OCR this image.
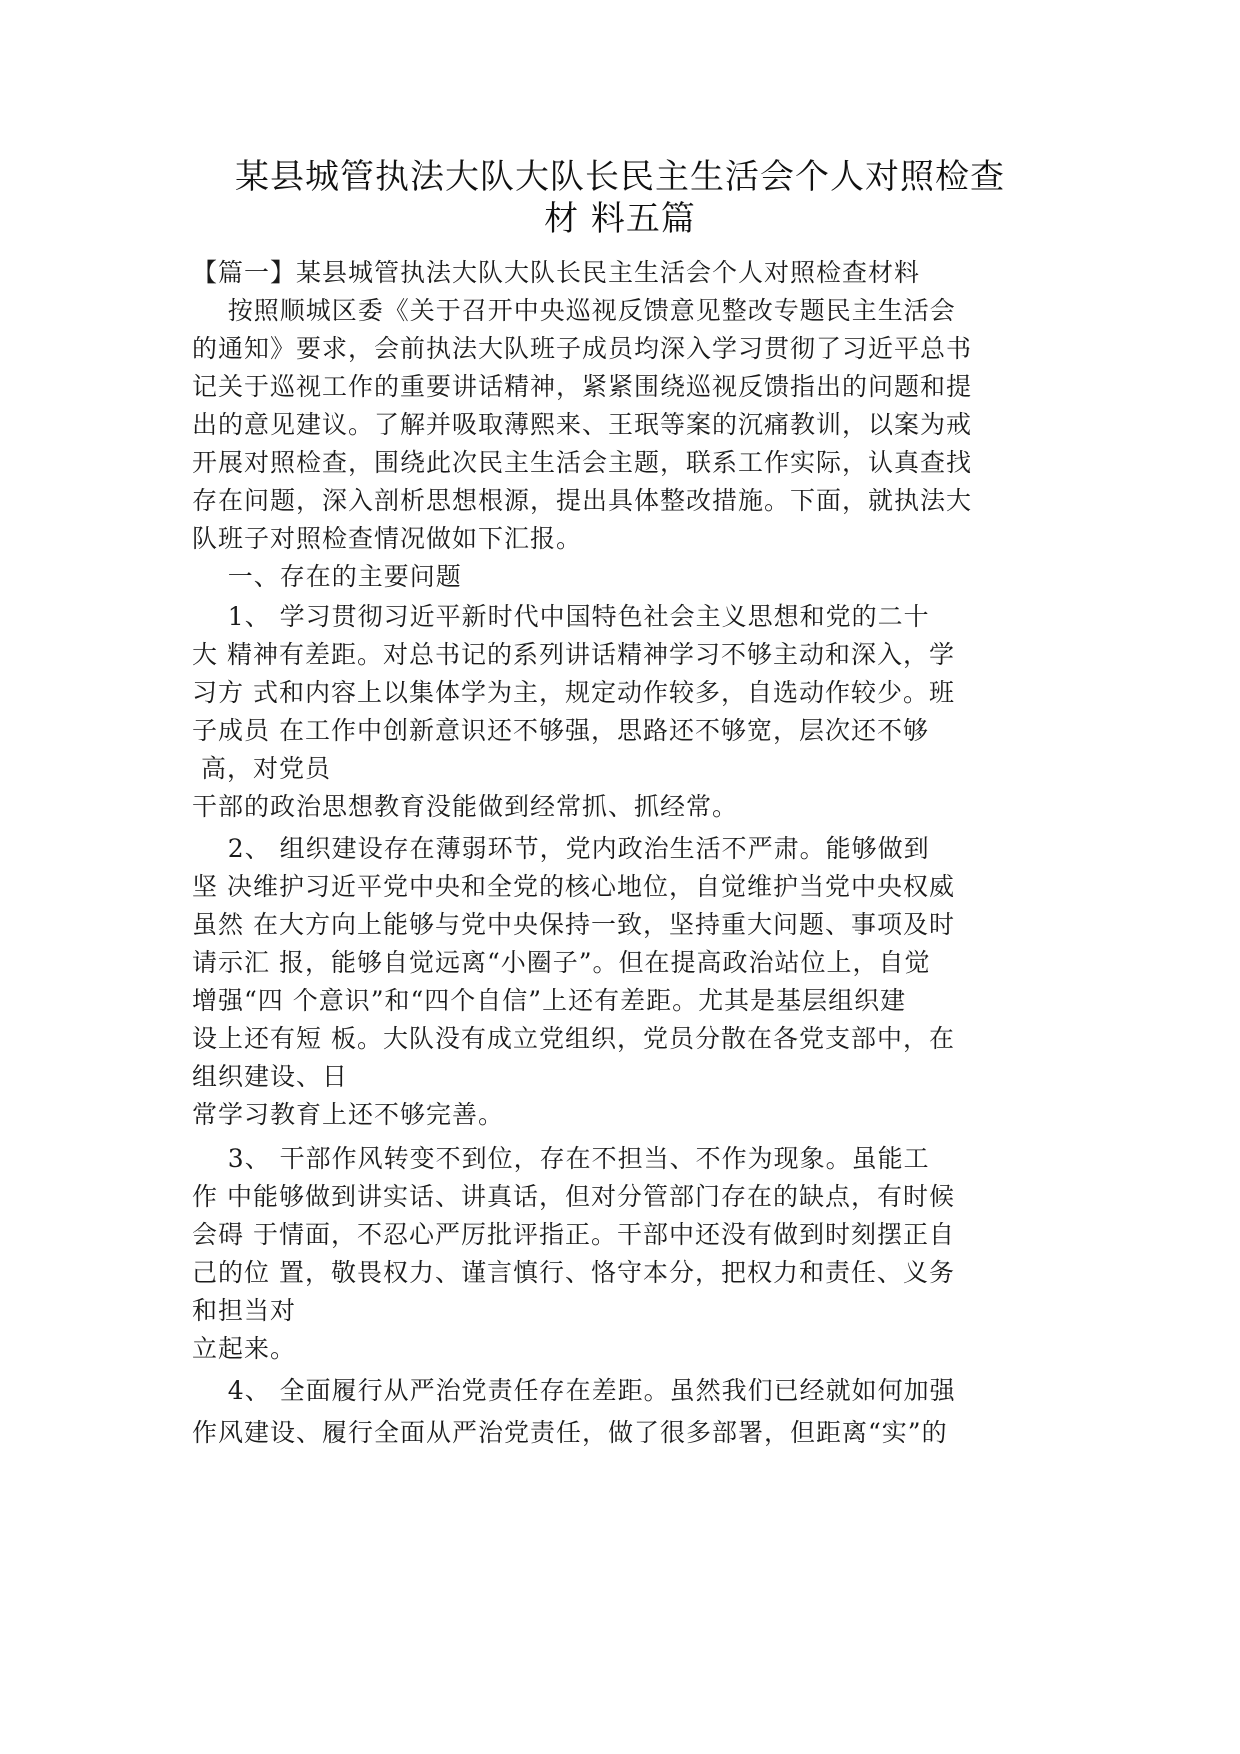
某县城管执法大队大队长民主生活会个人对照检查
材 料五篇
【篇一】某县城管执法大队大队长民主生活会个人对照检查材料
按照顺城区委《关于召开中央巡视反馈意见整改专题民主生活会
的通知》要求，会前执法大队班子成员均深入学习贯彻了习近平总书
记关于巡视工作的重要讲话精神，紧紧围绕巡视反馈指出的问题和提
出的意见建议。了解并吸取薄熙来、王珉等案的沉痛教训，以案为戒
开展对照检查，围绕此次民主生活会主题，联系工作实际，认真查找
存在问题，深入剖析思想根源，提出具体整改措施。下面，就执法大
队班子对照检查情况做如下汇报。
一、存在的主要问题
1、 学习贯彻习近平新时代中国特色社会主义思想和党的二十
大 精神有差距。对总书记的系列讲话精神学习不够主动和深入，学
习方 式和内容上以集体学为主，规定动作较多，自选动作较少。班
子成员 在工作中创新意识还不够强，思路还不够宽，层次还不够
高，对党员
干部的政治思想教育没能做到经常抓、抓经常。
2、 组织建设存在薄弱环节，党内政治生活不严肃。能够做到
坚 决维护习近平党中央和全党的核心地位，自觉维护当党中央权威
虽然 在大方向上能够与党中央保持一致，坚持重大问题、事项及时
请示汇 报，能够自觉远离“小圈子”。但在提高政治站位上，自觉
增强“四 个意识”和“四个自信”上还有差距。尤其是基层组织建
设上还有短 板。大队没有成立党组织，党员分散在各党支部中，在
组织建设、日
常学习教育上还不够完善。
3、 干部作风转变不到位，存在不担当、不作为现象。虽能工
作 中能够做到讲实话、讲真话，但对分管部门存在的缺点，有时候
会碍 于情面，不忍心严厉批评指正。干部中还没有做到时刻摆正自
己的位 置，敬畏权力、谨言慎行、恪守本分，把权力和责任、义务
和担当对
立起来。
4、 全面履行从严治党责任存在差距。虽然我们已经就如何加强
作风建设、履行全面从严治党责任，做了很多部署，但距离“实”的
